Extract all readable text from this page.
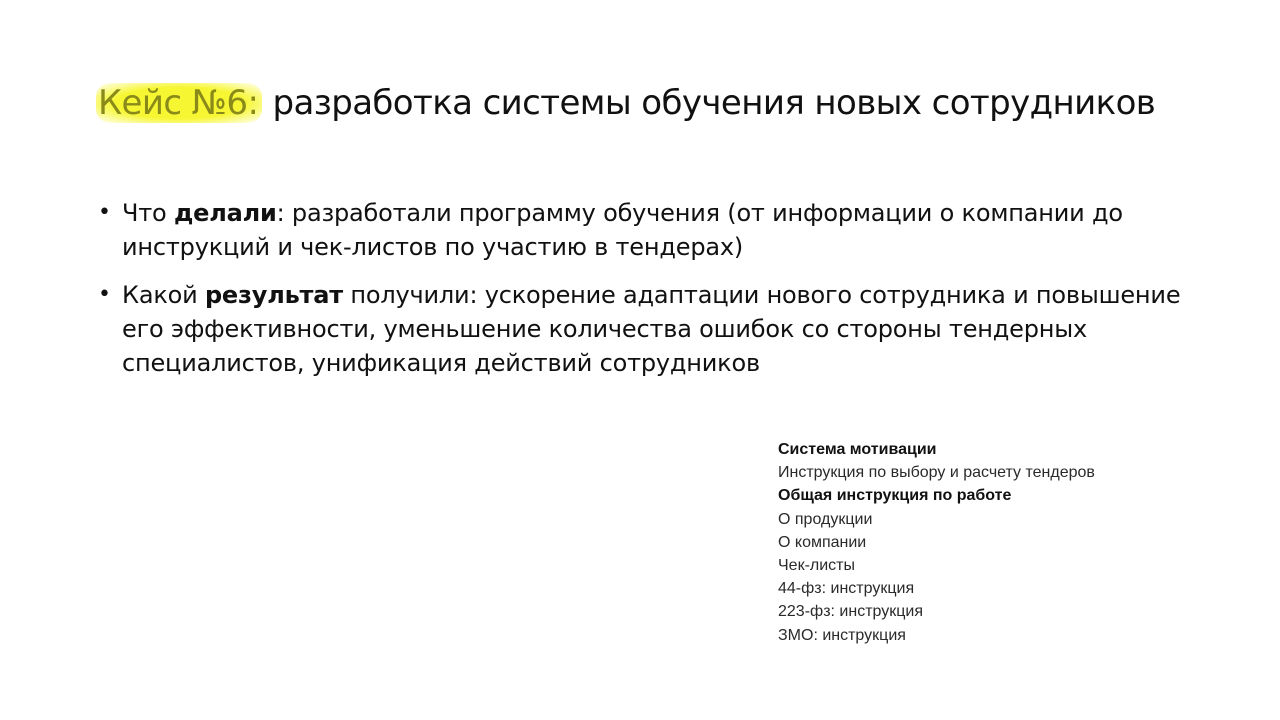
Кейс №6: разработка системы обучения новых сотрудников
• Что делали: разработали программу обучения (от информации о компании до инструкций и чек-листов по участию в тендерах)
• Какой результат получили: ускорение адаптации нового сотрудника и повышение его эффективности, уменьшение количества ошибок со стороны тендерных специалистов, унификация действий сотрудников
Система мотивации
Инструкция по выбору и расчету тендеров
Общая инструкция по работе
О продукции
О компании
Чек-листы
44-фз: инструкция
223-фз: инструкция
ЗМО: инструкция
